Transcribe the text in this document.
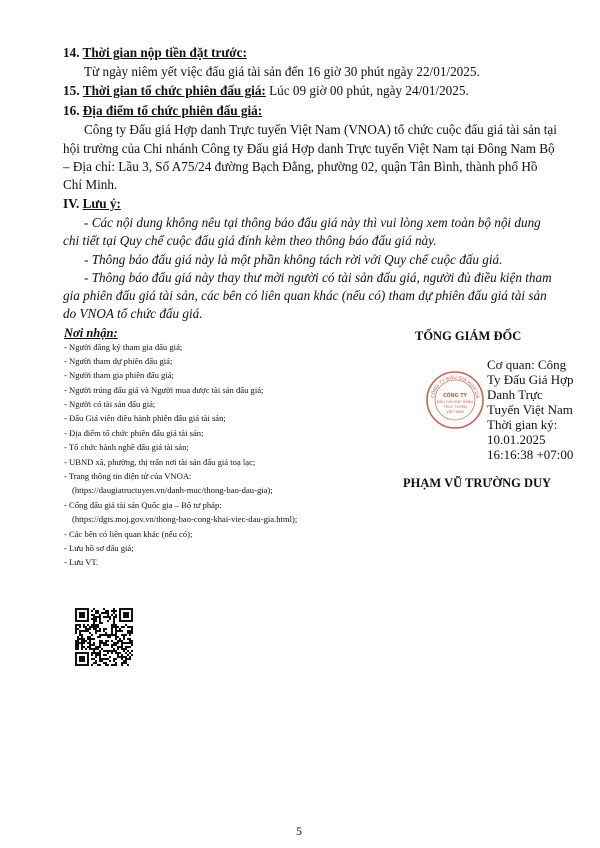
14. Thời gian nộp tiền đặt trước:
Từ ngày niêm yết việc đấu giá tài sản đến 16 giờ 30 phút ngày 22/01/2025.
15. Thời gian tổ chức phiên đấu giá: Lúc 09 giờ 00 phút, ngày 24/01/2025.
16. Địa điểm tổ chức phiên đấu giá:
Công ty Đấu giá Hợp danh Trực tuyến Việt Nam (VNOA) tổ chức cuộc đấu giá tài sản tại
hội trường của Chi nhánh Công ty Đấu giá Hợp danh Trực tuyến Việt Nam tại Đông Nam Bộ
– Địa chỉ: Lầu 3, Số A75/24 đường Bạch Đằng, phường 02, quận Tân Bình, thành phố Hồ
Chí Minh.
IV. Lưu ý:
- Các nội dung không nêu tại thông báo đấu giá này thì vui lòng xem toàn bộ nội dung
chi tiết tại Quy chế cuộc đấu giá đính kèm theo thông báo đấu giá này.
- Thông báo đấu giá này là một phần không tách rời với Quy chế cuộc đấu giá.
- Thông báo đấu giá này thay thư mời người có tài sản đấu giá, người đủ điều kiện tham
gia phiên đấu giá tài sản, các bên có liên quan khác (nếu có) tham dự phiên đấu giá tài sản
do VNOA tổ chức đấu giá.
Nơi nhận:
- Người đăng ký tham gia đấu giá;
- Người tham dự phiên đấu giá;
- Người tham gia phiên đấu giá;
- Người trúng đấu giá và Người mua được tài sản đấu giá;
- Người có tài sản đấu giá;
- Đấu Giá viên điều hành phiên đấu giá tài sản;
- Địa điểm tổ chức phiên đấu giá tài sản;
- Tổ chức hành nghề đấu giá tài sản;
- UBND xã, phường, thị trấn nơi tài sản đấu giá toạ lạc;
- Trang thông tin điện tử của VNOA:
(https://daugiatructuyen.vn/danh-muc/thong-bao-dau-gia);
- Cổng đấu giá tài sản Quốc gia – Bộ tư pháp:
(https://dgts.moj.gov.vn/thong-bao-cong-khai-viec-dau-gia.html);
- Các bên có liên quan khác (nếu có);
- Lưu hồ sơ đấu giá;
- Lưu VT.
TỔNG GIÁM ĐỐC
CÔNG TY ĐẤU GIÁ HỢP DA
CÔNG TY
ĐẤU GIÁ HỢP DANH
TRỰC TUYẾN
VIỆT NAM
Cơ quan: Công
Ty Đấu Giá Hợp
Danh Trực
Tuyến Việt Nam
Thời gian ký:
10.01.2025
16:16:38 +07:00
PHẠM VŨ TRƯỜNG DUY
5
